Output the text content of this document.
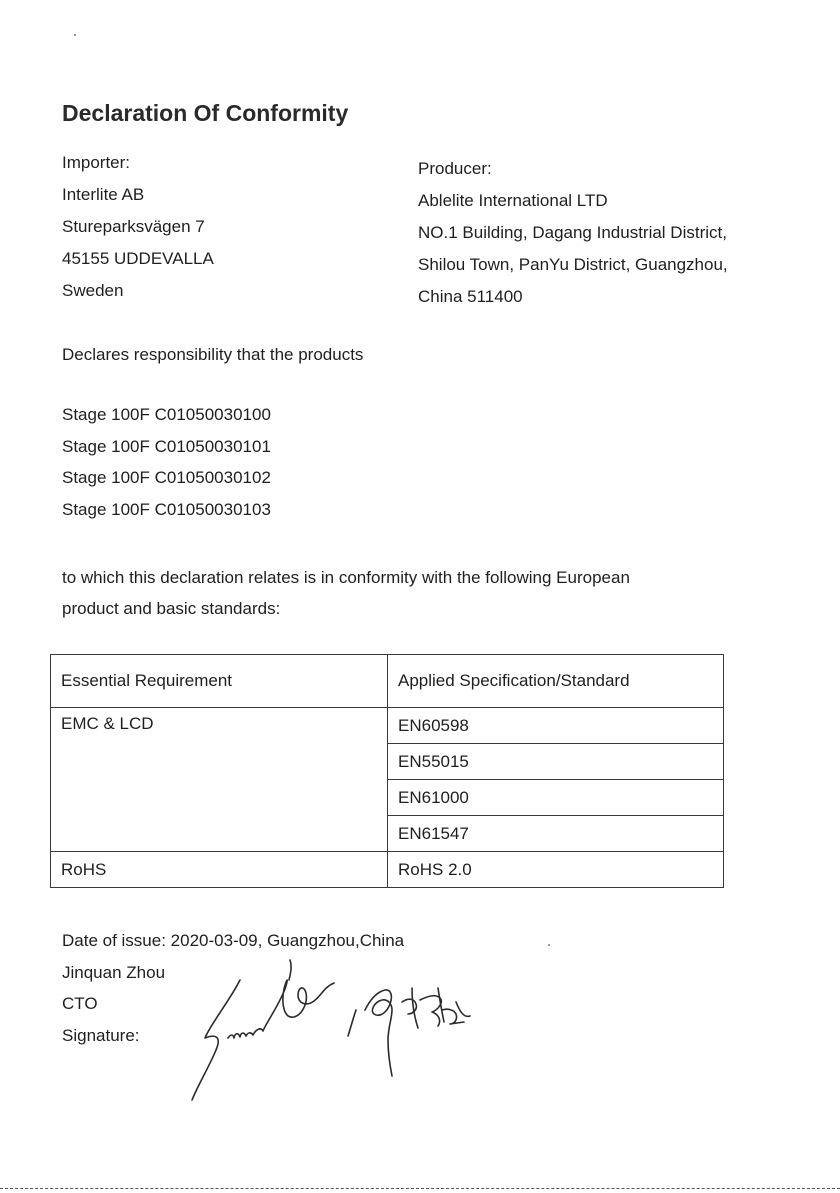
Declaration Of Conformity
Importer:
Interlite AB
Stureparksvägen 7
45155 UDDEVALLA
Sweden
Producer:
Ablelite International LTD
NO.1 Building, Dagang Industrial District,
Shilou Town, PanYu District, Guangzhou,
China 511400
Declares responsibility that the products
Stage 100F C01050030100
Stage 100F C01050030101
Stage 100F C01050030102
Stage 100F C01050030103
to which this declaration relates is in conformity with the following European
product and basic standards:
Essential Requirement	Applied Specification/Standard
EMC & LCD	EN60598
	EN55015
	EN61000
	EN61547
RoHS	RoHS 2.0
Date of issue: 2020-03-09, Guangzhou,China
Jinquan Zhou
CTO
Signature:
